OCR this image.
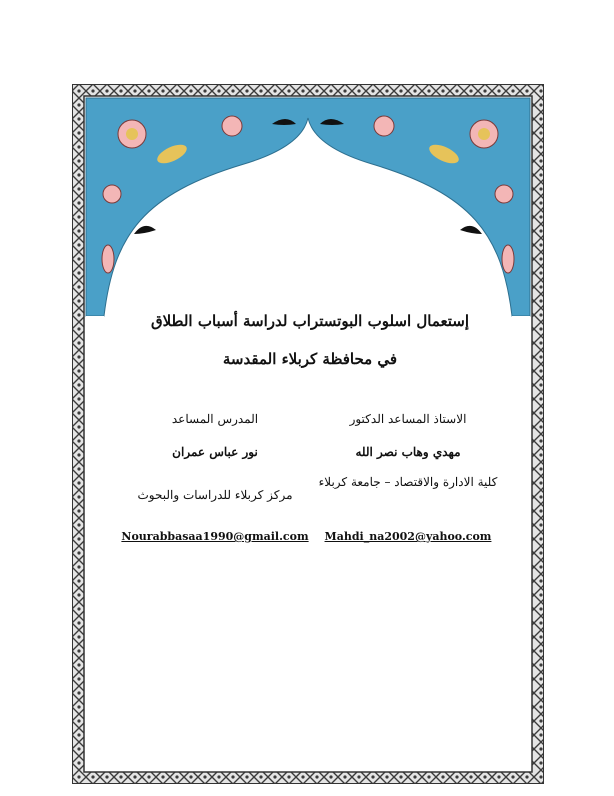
إستعمال اسلوب البوتستراب لدراسة أسباب الطلاق
في محافظة كربلاء المقدسة
الاستاذ المساعد الدكتور
مهدي وهاب نصر الله
كلية الادارة والاقتصاد – جامعة كربلاء
Mahdi_na2002@yahoo.com
المدرس المساعد
نور عباس عمران
مركز كربلاء للدراسات والبحوث
Nourabbasaa1990@gmail.com
